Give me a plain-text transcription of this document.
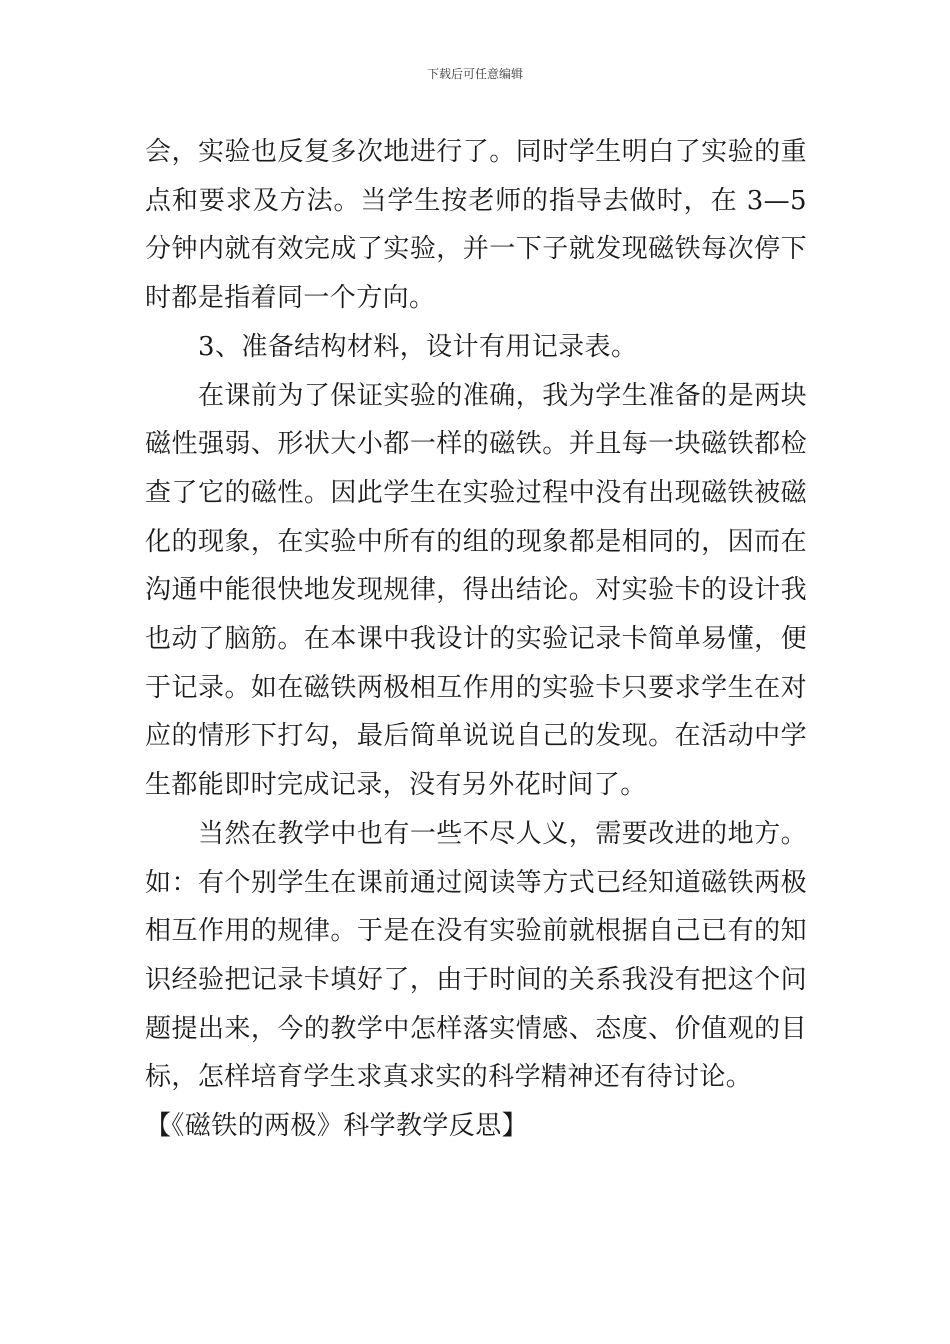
下载后可任意编辑

会，实验也反复多次地进行了。同时学生明白了实验的重点和要求及方法。当学生按老师的指导去做时，在 3—5 分钟内就有效完成了实验，并一下子就发现磁铁每次停下时都是指着同一个方向。

3、准备结构材料，设计有用记录表。

在课前为了保证实验的准确，我为学生准备的是两块磁性强弱、形状大小都一样的磁铁。并且每一块磁铁都检查了它的磁性。因此学生在实验过程中没有出现磁铁被磁化的现象，在实验中所有的组的现象都是相同的，因而在沟通中能很快地发现规律，得出结论。对实验卡的设计我也动了脑筋。在本课中我设计的实验记录卡简单易懂，便于记录。如在磁铁两极相互作用的实验卡只要求学生在对应的情形下打勾，最后简单说说自己的发现。在活动中学生都能即时完成记录，没有另外花时间了。

当然在教学中也有一些不尽人义，需要改进的地方。如：有个别学生在课前通过阅读等方式已经知道磁铁两极相互作用的规律。于是在没有实验前就根据自己已有的知识经验把记录卡填好了，由于时间的关系我没有把这个问题提出来，今的教学中怎样落实情感、态度、价值观的目标，怎样培育学生求真求实的科学精神还有待讨论。

【《磁铁的两极》科学教学反思】
